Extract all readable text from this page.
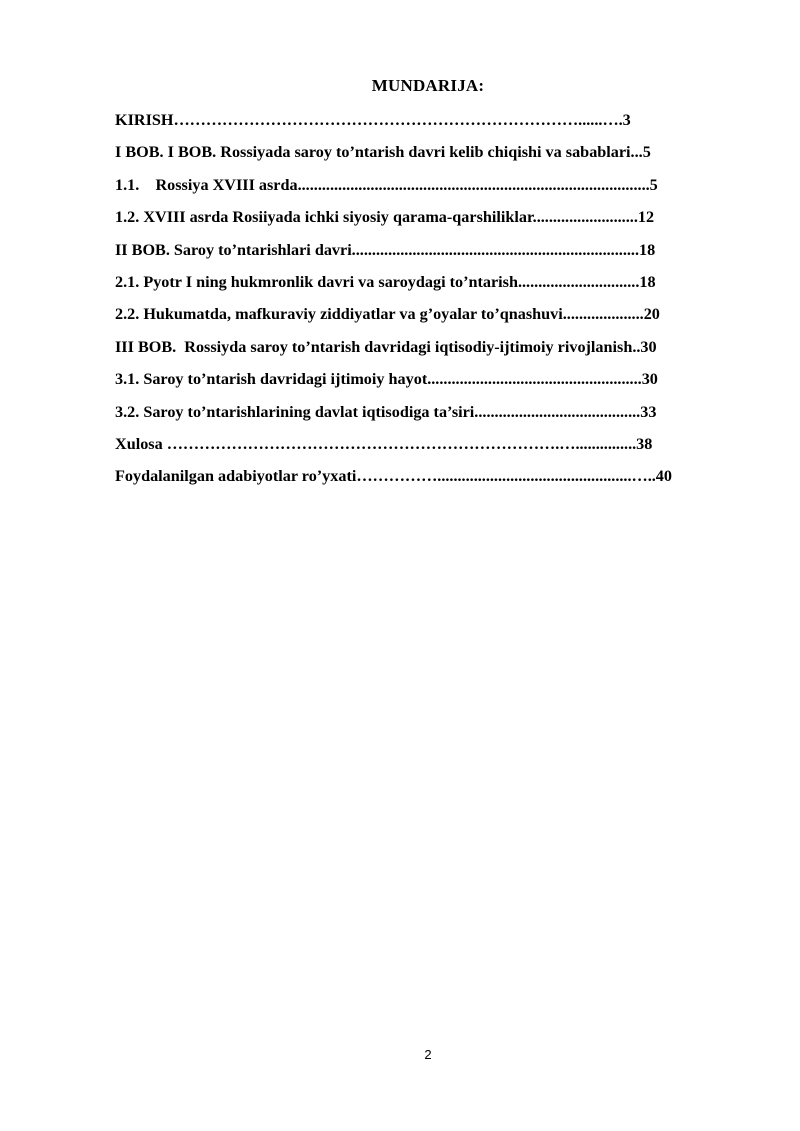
MUNDARIJA:
KIRISH…………………………………………………………………......….3
I BOB. I BOB. Rossiyada saroy to’ntarish davri kelib chiqishi va sabablari...5
1.1.    Rossiya XVIII asrda.......................................................................................5
1.2. XVIII asrda Rosiiyada ichki siyosiy qarama-qarshiliklar..........................12
II BOB. Saroy to’ntarishlari davri.......................................................................18
2.1. Pyotr I ning hukmronlik davri va saroydagi to’ntarish..............................18
2.2. Hukumatda, mafkuraviy ziddiyatlar va g’oyalar to’qnashuvi....................20
III BOB.  Rossiyda saroy to’ntarish davridagi iqtisodiy-ijtimoiy rivojlanish..30
3.1. Saroy to’ntarish davridagi ijtimoiy hayot.....................................................30
3.2. Saroy to’ntarishlarining davlat iqtisodiga ta’siri.........................................33
Xulosa ……………………………………………………………….…...............38
Foydalanilgan adabiyotlar ro’yxati……………................................................…..40
2
